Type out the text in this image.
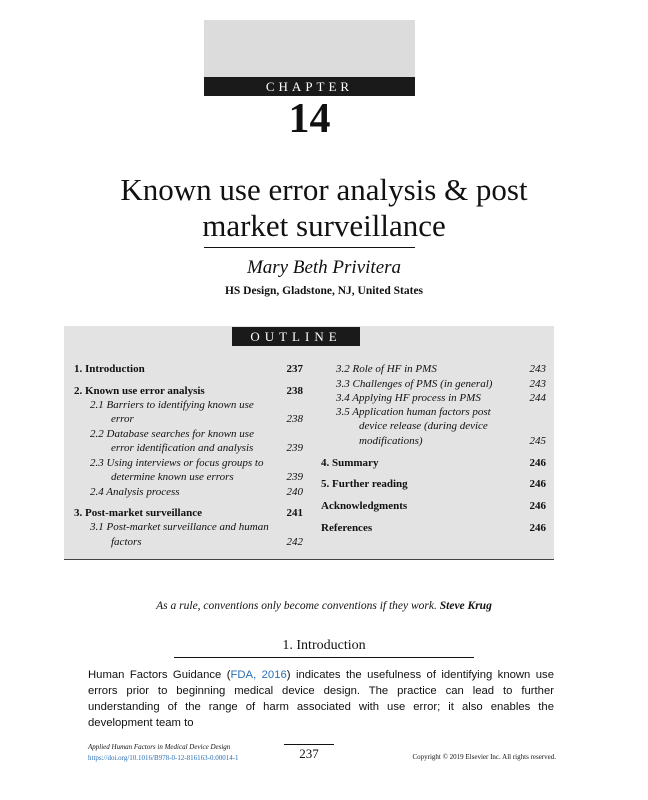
CHAPTER
14
Known use error analysis & post
market surveillance
Mary Beth Privitera
HS Design, Gladstone, NJ, United States
OUTLINE
1. Introduction	237
2. Known use error analysis	238
2.1 Barriers to identifying known use
error	238
2.2 Database searches for known use
error identification and analysis	239
2.3 Using interviews or focus groups to
determine known use errors	239
2.4 Analysis process	240
3. Post-market surveillance	241
3.1 Post-market surveillance and human
factors	242
3.2 Role of HF in PMS	243
3.3 Challenges of PMS (in general)	243
3.4 Applying HF process in PMS	244
3.5 Application human factors post
device release (during device
modifications)	245
4. Summary	246
5. Further reading	246
Acknowledgments	246
References	246
As a rule, conventions only become conventions if they work. Steve Krug
1. Introduction
Human Factors Guidance (FDA, 2016) indicates the usefulness of identifying known use errors prior to beginning medical device design. The practice can lead to further understanding of the range of harm associated with use error; it also enables the development team to
Applied Human Factors in Medical Device Design
https://doi.org/10.1016/B978-0-12-816163-0.00014-1	237	Copyright © 2019 Elsevier Inc. All rights reserved.
